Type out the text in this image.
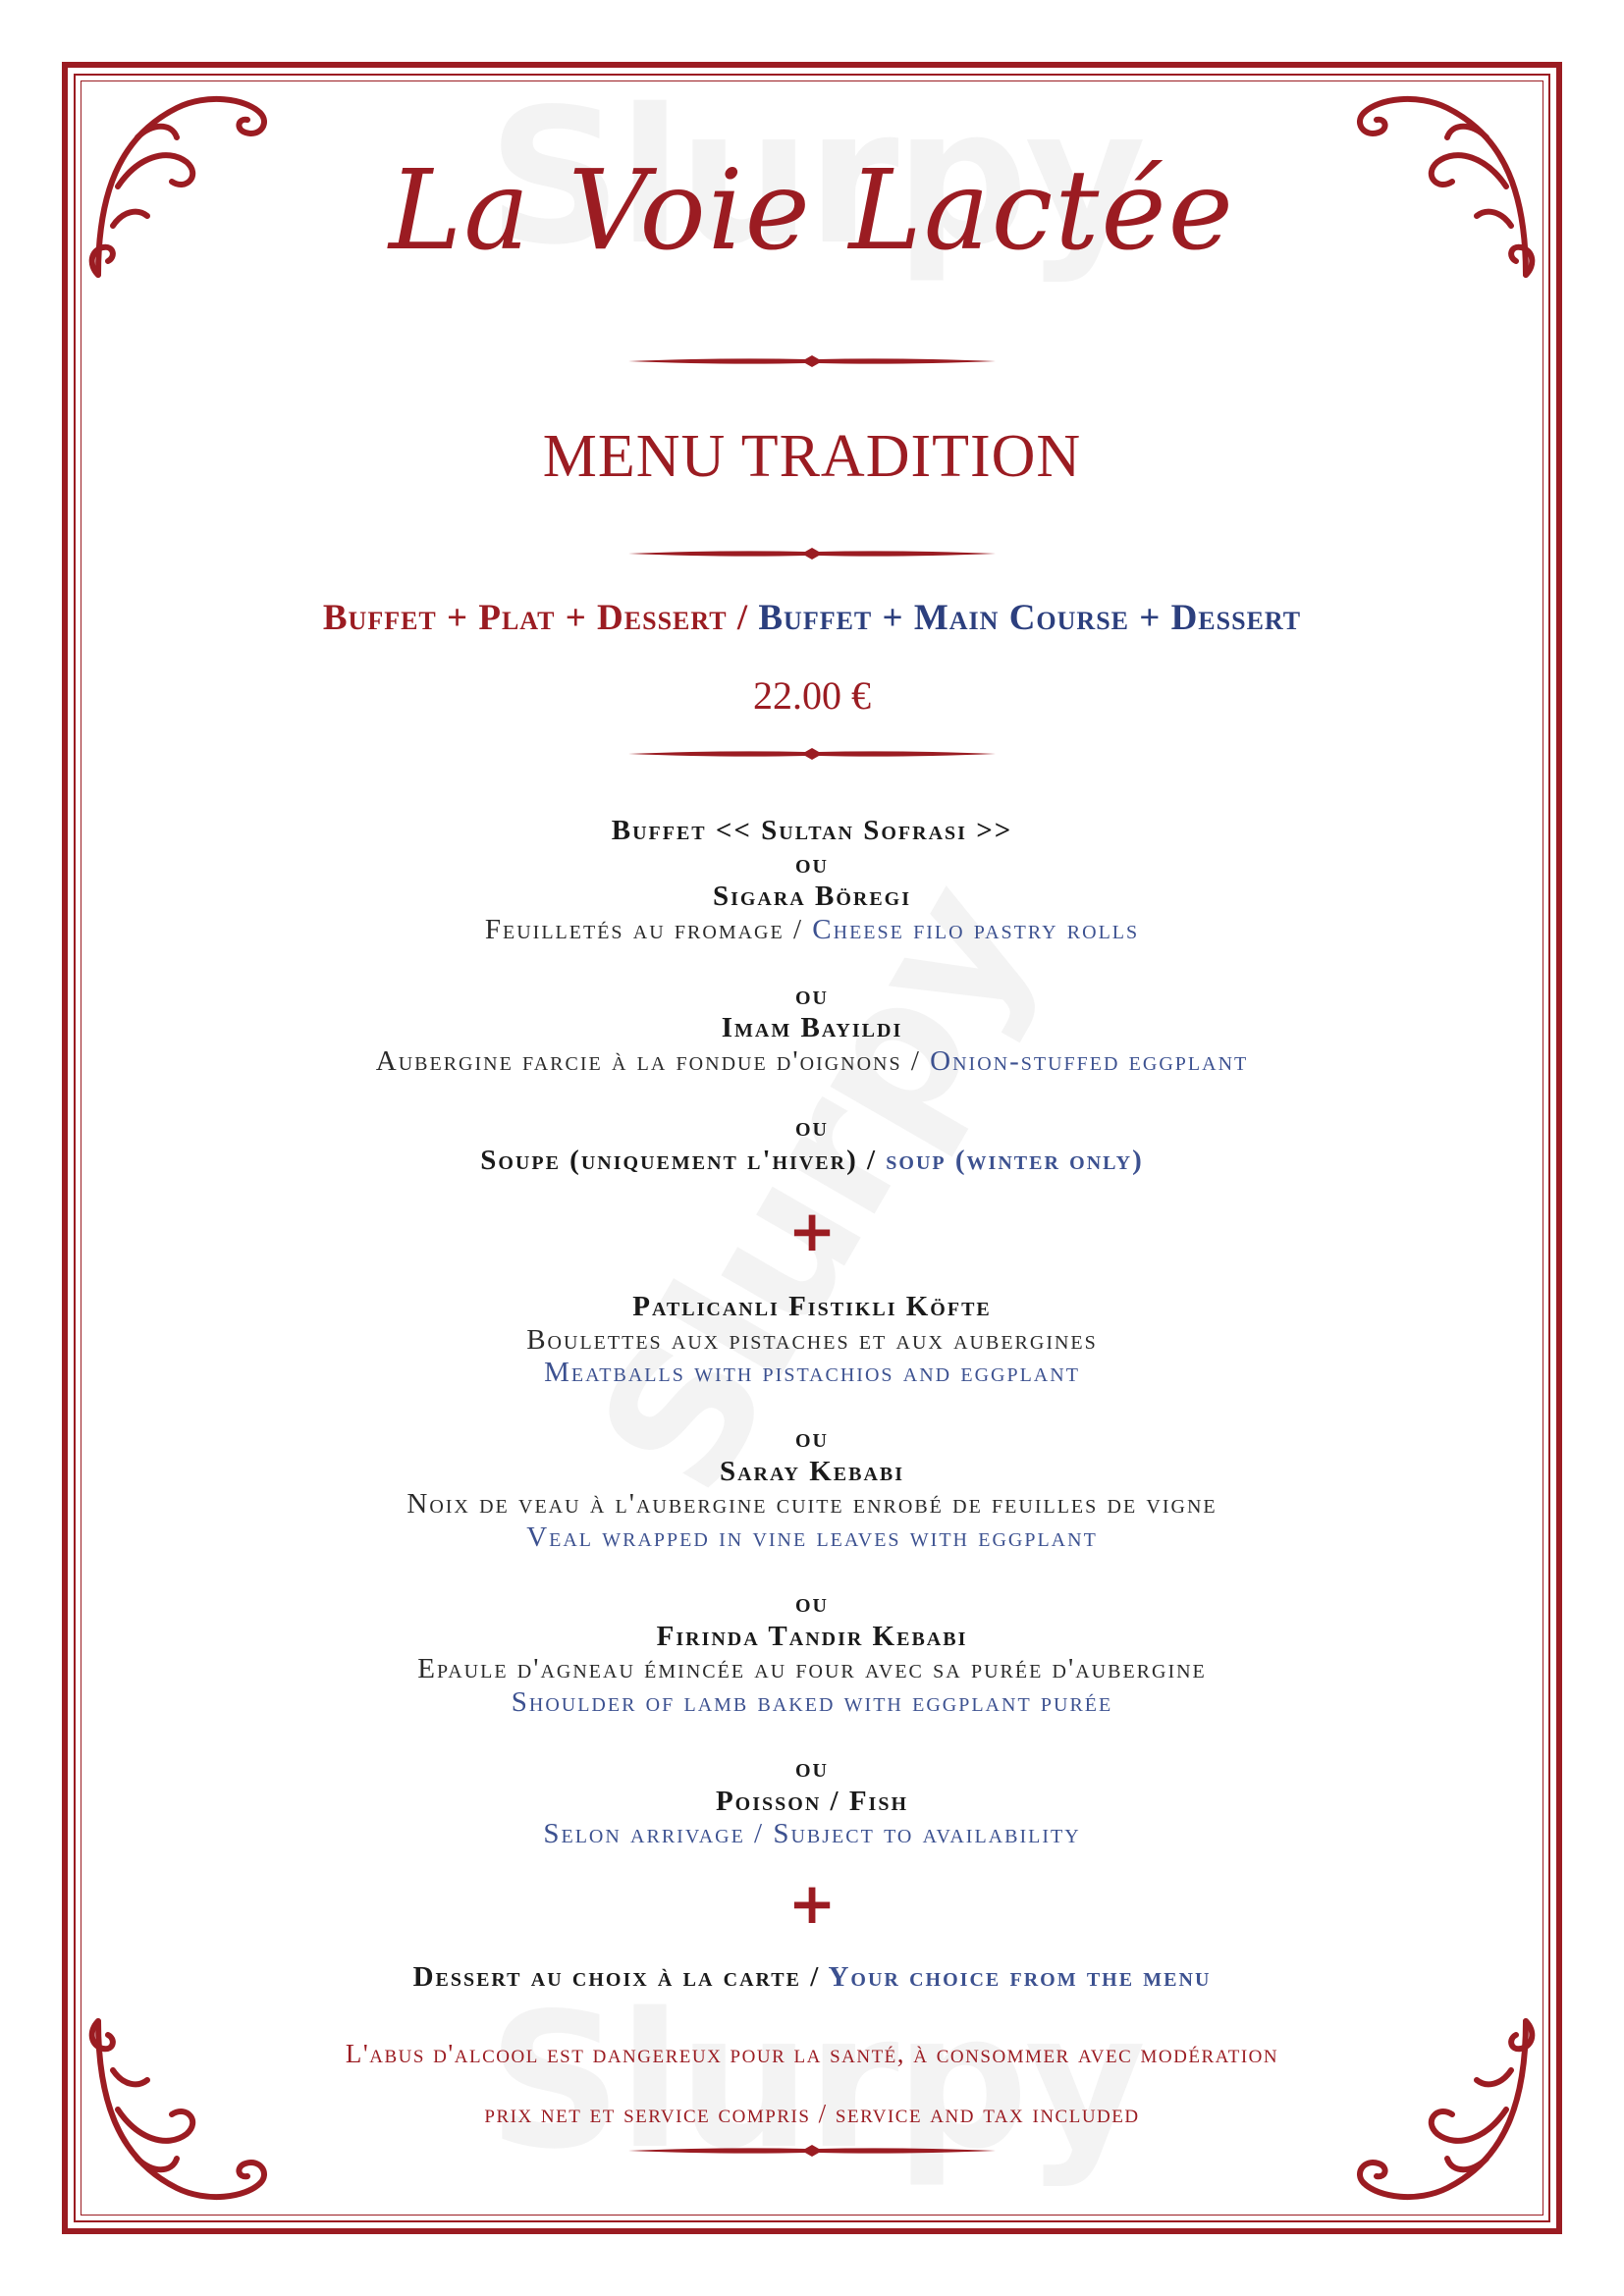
La Voie Lactée
MENU TRADITION
Buffet + Plat + Dessert / Buffet + Main Course + Dessert
22.00 €
Buffet << Sultan Sofrasi >>
ou
Sigara Böregi
Feuilletés au fromage / Cheese filo pastry rolls
ou
Imam Bayildi
Aubergine farcie à la fondue d'oignons / Onion-stuffed eggplant
ou
Soupe (uniquement l'hiver) / soup (winter only)
+
Patlicanli Fistikli Köfte
Boulettes aux pistaches et aux aubergines
Meatballs with pistachios and eggplant
ou
Saray Kebabi
Noix de veau à l'aubergine cuite enrobé de feuilles de vigne
Veal wrapped in vine leaves with eggplant
ou
Firinda Tandir Kebabi
Epaule d'agneau émincée au four avec sa purée d'aubergine
Shoulder of lamb baked with eggplant purée
ou
Poisson / Fish
Selon arrivage / Subject to availability
+
Dessert au choix à la carte / Your choice from the menu
L'abus d'alcool est dangereux pour la santé, à consommer avec modération
prix net et service compris / service and tax included
